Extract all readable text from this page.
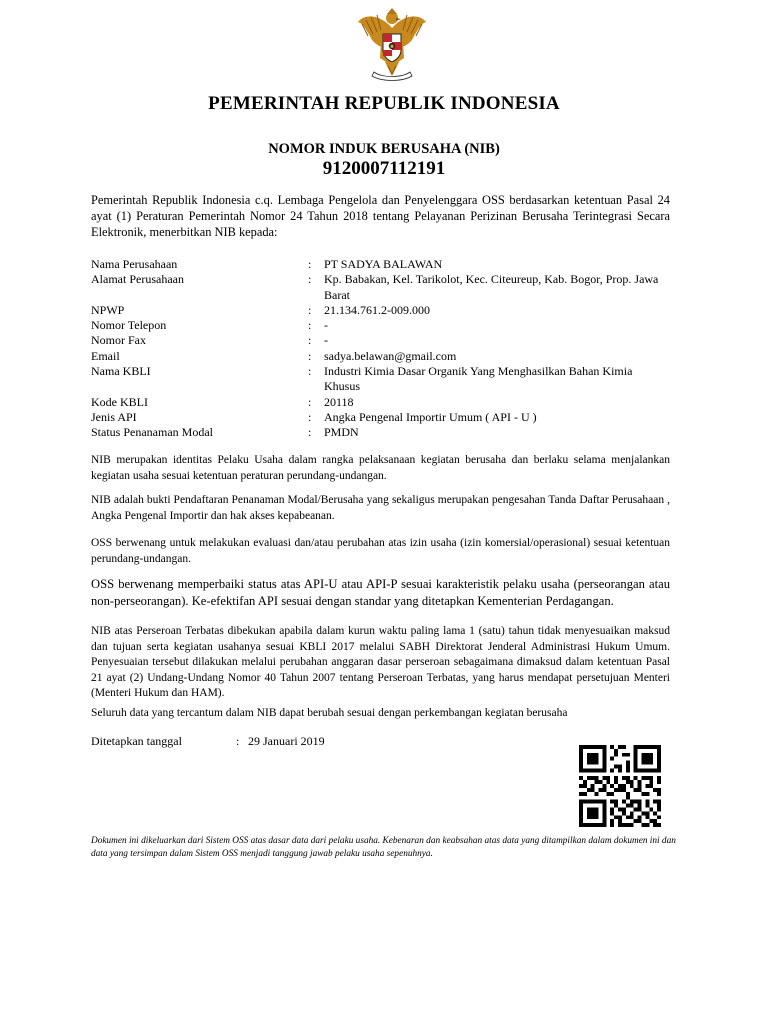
PEMERINTAH REPUBLIK INDONESIA
NOMOR INDUK BERUSAHA (NIB)
9120007112191
Pemerintah Republik Indonesia c.q. Lembaga Pengelola dan Penyelenggara OSS berdasarkan ketentuan Pasal 24 ayat (1) Peraturan Pemerintah Nomor 24 Tahun 2018 tentang Pelayanan Perizinan Berusaha Terintegrasi Secara Elektronik, menerbitkan NIB kepada:
Nama Perusahaan	:	PT SADYA BALAWAN
Alamat Perusahaan	:	Kp. Babakan, Kel. Tarikolot, Kec. Citeureup, Kab. Bogor, Prop. Jawa Barat
NPWP	:	21.134.761.2-009.000
Nomor Telepon	:	-
Nomor Fax	:	-
Email	:	sadya.belawan@gmail.com
Nama KBLI	:	Industri Kimia Dasar Organik Yang Menghasilkan Bahan Kimia Khusus
Kode KBLI	:	20118
Jenis API	:	Angka Pengenal Importir Umum ( API - U )
Status Penanaman Modal	:	PMDN
NIB merupakan identitas Pelaku Usaha dalam rangka pelaksanaan kegiatan berusaha dan berlaku selama menjalankan kegiatan usaha sesuai ketentuan peraturan perundang-undangan.
NIB adalah bukti Pendaftaran Penanaman Modal/Berusaha yang sekaligus merupakan pengesahan Tanda Daftar Perusahaan , Angka Pengenal Importir dan hak akses kepabeanan.
OSS berwenang untuk melakukan evaluasi dan/atau perubahan atas izin usaha (izin komersial/operasional) sesuai ketentuan perundang-undangan.
OSS berwenang memperbaiki status atas API-U atau API-P sesuai karakteristik pelaku usaha (perseorangan atau non-perseorangan). Ke-efektifan API sesuai dengan standar yang ditetapkan Kementerian Perdagangan.
NIB atas Perseroan Terbatas dibekukan apabila dalam kurun waktu paling lama 1 (satu) tahun tidak menyesuaikan maksud dan tujuan serta kegiatan usahanya sesuai KBLI 2017 melalui SABH Direktorat Jenderal Administrasi Hukum Umum. Penyesuaian tersebut dilakukan melalui perubahan anggaran dasar perseroan sebagaimana dimaksud dalam ketentuan Pasal 21 ayat (2) Undang-Undang Nomor 40 Tahun 2007 tentang Perseroan Terbatas, yang harus mendapat persetujuan Menteri (Menteri Hukum dan HAM).
Seluruh data yang tercantum dalam NIB dapat berubah sesuai dengan perkembangan kegiatan berusaha
Ditetapkan tanggal	: 29 Januari 2019
Dokumen ini dikeluarkan dari Sistem OSS atas dasar data dari pelaku usaha. Kebenaran dan keabsahan atas data yang ditampilkan dalam dokumen ini dan data yang tersimpan dalam Sistem OSS menjadi tanggung jawab pelaku usaha sepenuhnya.
